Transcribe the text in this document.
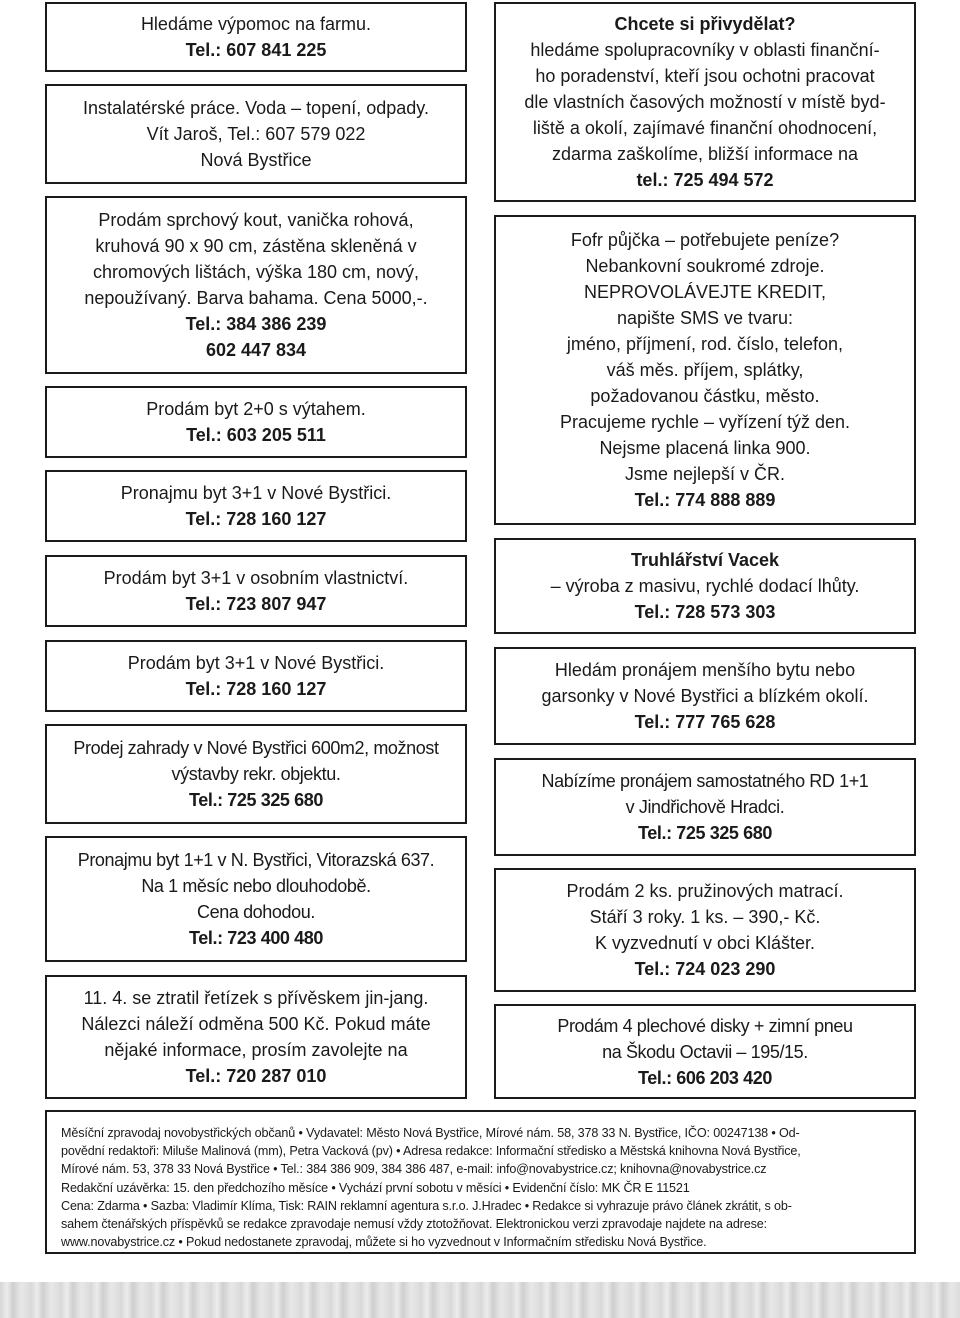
Hledáme výpomoc na farmu.
Tel.: 607 841 225
Instalatérské práce. Voda – topení, odpady.
Vít Jaroš, Tel.: 607 579 022
Nová Bystřice
Prodám sprchový kout, vanička rohová,
kruhová 90 x 90 cm, zástěna skleněná v
chromových lištách, výška 180 cm, nový,
nepoužívaný. Barva bahama. Cena 5000,-.
Tel.: 384 386 239
602 447 834
Prodám byt 2+0 s výtahem.
Tel.: 603 205 511
Pronajmu byt 3+1 v Nové Bystřici.
Tel.: 728 160 127
Prodám byt 3+1 v osobním vlastnictví.
Tel.: 723 807 947
Prodám byt 3+1 v Nové Bystřici.
Tel.: 728 160 127
Prodej zahrady v Nové Bystřici 600m2, možnost
výstavby rekr. objektu.
Tel.: 725 325 680
Pronajmu byt 1+1 v N. Bystřici, Vitorazská 637.
Na 1 měsíc nebo dlouhodobě.
Cena dohodou.
Tel.: 723 400 480
11. 4. se ztratil řetízek s přívěskem jin-jang.
Nálezci náleží odměna 500 Kč. Pokud máte
nějaké informace, prosím zavolejte na
Tel.: 720 287 010
Chcete si přivydělat?
hledáme spolupracovníky v oblasti finanční-
ho poradenství, kteří jsou ochotni pracovat
dle vlastních časových možností v místě byd-
liště a okolí, zajímavé finanční ohodnocení,
zdarma zaškolíme, bližší informace na
tel.: 725 494 572
Fofr půjčka – potřebujete peníze?
Nebankovní soukromé zdroje.
NEPROVOLÁVEJTE KREDIT,
napište SMS ve tvaru:
jméno, příjmení, rod. číslo, telefon,
váš měs. příjem, splátky,
požadovanou částku, město.
Pracujeme rychle – vyřízení týž den.
Nejsme placená linka 900.
Jsme nejlepší v ČR.
Tel.: 774 888 889
Truhlářství Vacek
– výroba z masivu, rychlé dodací lhůty.
Tel.: 728 573 303
Hledám pronájem menšího bytu nebo
garsonky v Nové Bystřici a blízkém okolí.
Tel.: 777 765 628
Nabízíme pronájem samostatného RD 1+1
v Jindřichově Hradci.
Tel.: 725 325 680
Prodám 2 ks. pružinových matrací.
Stáří 3 roky. 1 ks. – 390,- Kč.
K vyzvednutí v obci Klášter.
Tel.: 724 023 290
Prodám 4 plechové disky + zimní pneu
na Škodu Octavii – 195/15.
Tel.: 606 203 420
Měsíční zpravodaj novobystřických občanů • Vydavatel: Město Nová Bystřice, Mírové nám. 58, 378 33 N. Bystřice, IČO: 00247138 • Od-
povědní redaktoři: Miluše Malinová (mm), Petra Vacková (pv) • Adresa redakce: Informační středisko a Městská knihovna Nová Bystřice,
Mírové nám. 53, 378 33 Nová Bystřice • Tel.: 384 386 909, 384 386 487, e-mail: info@novabystrice.cz; knihovna@novabystrice.cz
Redakční uzávěrka: 15. den předchozího měsíce • Vychází první sobotu v měsíci • Evidenční číslo: MK ČR E 11521
Cena: Zdarma • Sazba: Vladimír Klíma, Tisk: RAIN reklamní agentura s.r.o. J.Hradec • Redakce si vyhrazuje právo článek zkrátit, s ob-
sahem čtenářských příspěvků se redakce zpravodaje nemusí vždy ztotožňovat. Elektronickou verzi zpravodaje najdete na adrese:
www.novabystrice.cz • Pokud nedostanete zpravodaj, můžete si ho vyzvednout v Informačním středisku Nová Bystřice.
